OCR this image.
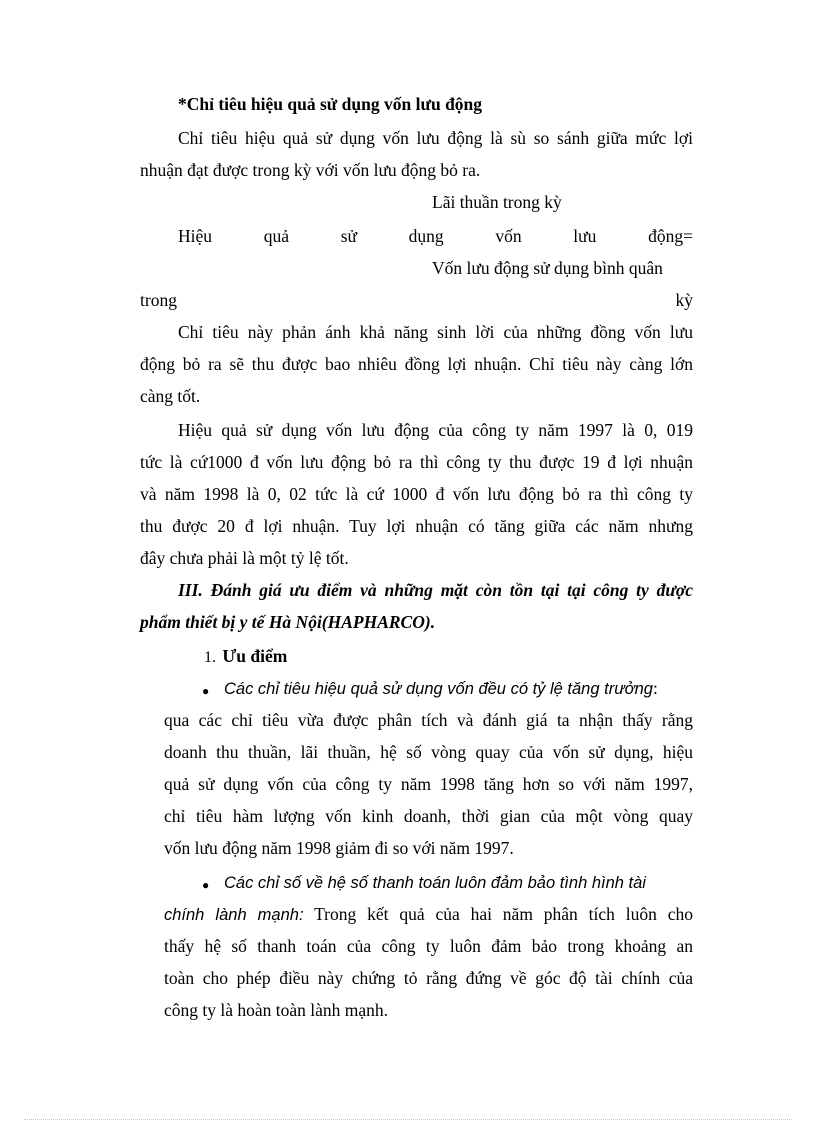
*Chỉ tiêu hiệu quả sử dụng vốn lưu động
Chỉ tiêu hiệu quả sử dụng vốn lưu động là sù so sánh giữa mức lợi
nhuận đạt được trong kỳ với vốn lưu động bỏ ra.
Lãi thuần trong kỳ
Hiệu	quả	sử	dụng	vốn	lưu	động=
Vốn lưu động sử dụng bình quân
trong	kỳ
Chỉ tiêu này phản ánh khả năng sinh lời của những đồng vốn lưu
động bỏ ra sẽ thu được bao nhiêu đồng lợi nhuận. Chỉ tiêu này càng lớn
càng tốt.
Hiệu quả sử dụng vốn lưu động của công ty năm 1997 là 0, 019
tức là cứ1000 đ vốn lưu động bỏ ra thì công ty thu được 19 đ lợi nhuận
và năm 1998 là 0, 02 tức là cứ 1000 đ vốn lưu động bỏ ra thì công ty
thu được 20 đ lợi nhuận. Tuy lợi nhuận có tăng giữa các năm nhưng
đây chưa phải là một tỷ lệ tốt.
III. Đánh giá ưu điểm và những mặt còn tồn tại tại công ty được
phẩm thiết bị y tế Hà Nội(HAPHARCO).
1. Ưu điểm
● Các chỉ tiêu hiệu quả sử dụng vốn đều có tỷ lệ tăng trưởng:
qua các chỉ tiêu vừa được phân tích và đánh giá ta nhận thấy rằng
doanh thu thuần, lãi thuần, hệ số vòng quay của vốn sử dụng, hiệu
quả sử dụng vốn của công ty năm 1998 tăng hơn so với năm 1997,
chỉ tiêu hàm lượng vốn kinh doanh, thời gian của một vòng quay
vốn lưu động năm 1998 giảm đi so với năm 1997.
● Các chỉ số về hệ số thanh toán luôn đảm bảo tình hình tài
chính lành mạnh: Trong kết quả của hai năm phân tích luôn cho
thấy hệ số thanh toán của công ty luôn đảm bảo trong khoảng an
toàn cho phép điều này chứng tỏ rằng đứng về góc độ tài chính của
công ty là hoàn toàn lành mạnh.
